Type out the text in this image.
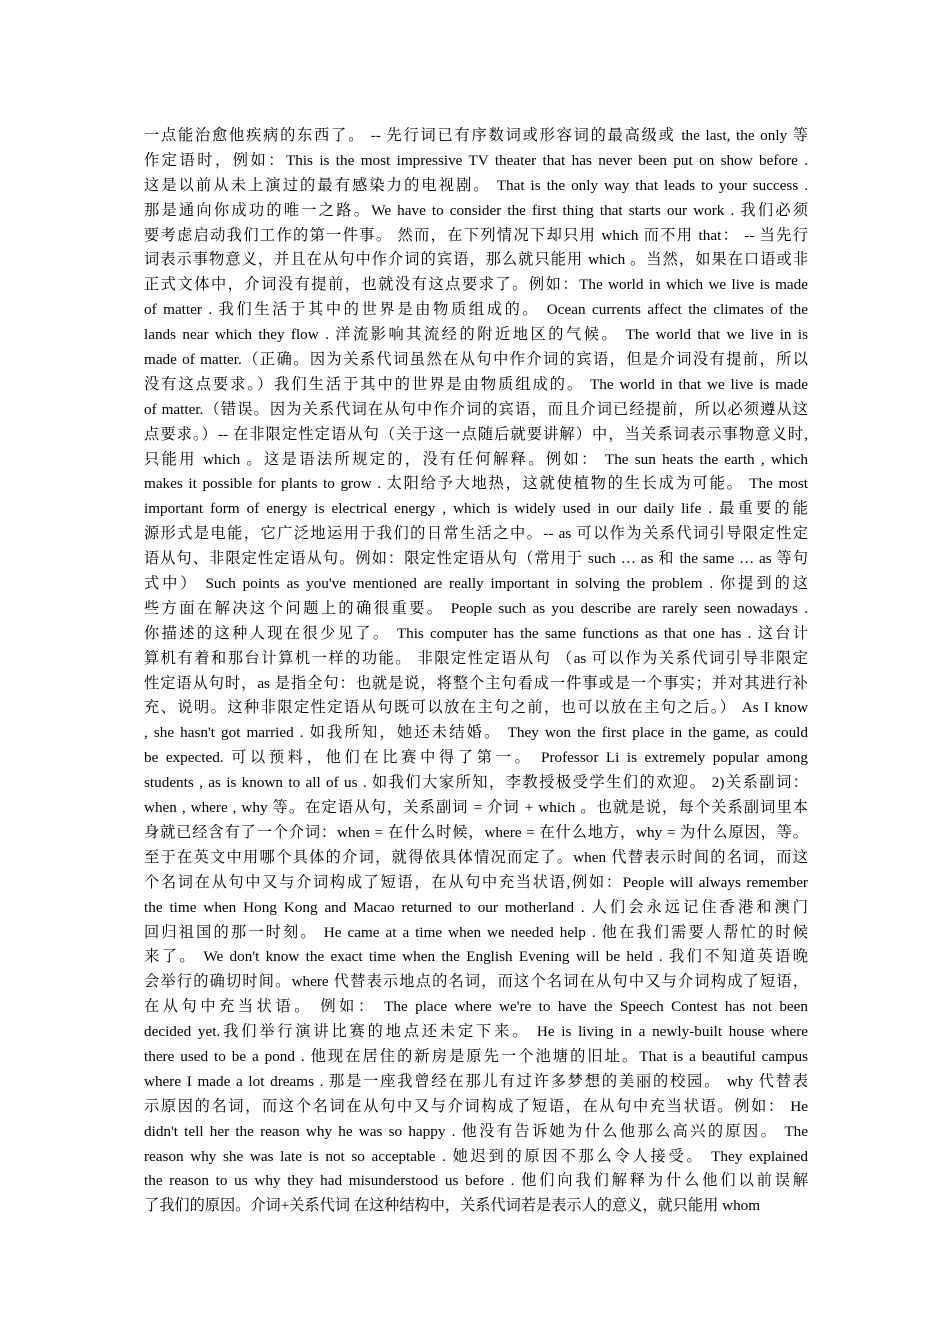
一点能治愈他疾病的东西了。 -- 先行词已有序数词或形容词的最高级或 the last, the only 等
作定语时，例如：This is the most impressive TV theater that has never been put on show before .
这是以前从未上演过的最有感染力的电视剧。 That is the only way that leads to your success .
那是通向你成功的唯一之路。We have to consider the first thing that starts our work . 我们必须
要考虑启动我们工作的第一件事。 然而，在下列情况下却只用 which 而不用 that： -- 当先行
词表示事物意义，并且在从句中作介词的宾语，那么就只能用 which 。当然，如果在口语或非
正式文体中，介词没有提前，也就没有这点要求了。例如：The world in which we live is made
of matter . 我们生活于其中的世界是由物质组成的。 Ocean currents affect the climates of the
lands near which they flow . 洋流影响其流经的附近地区的气候。 The world that we live in is
made of matter.（正确。因为关系代词虽然在从句中作介词的宾语，但是介词没有提前，所以
没有这点要求。）我们生活于其中的世界是由物质组成的。 The world in that we live is made
of matter.（错误。因为关系代词在从句中作介词的宾语，而且介词已经提前，所以必须遵从这
点要求。）-- 在非限定性定语从句（关于这一点随后就要讲解）中，当关系词表示事物意义时,
只能用 which 。这是语法所规定的，没有任何解释。例如： The sun heats the earth , which
makes it possible for plants to grow . 太阳给予大地热，这就使植物的生长成为可能。 The most
important form of energy is electrical energy , which is widely used in our daily life . 最重要的能
源形式是电能，它广泛地运用于我们的日常生活之中。-- as 可以作为关系代词引导限定性定
语从句、非限定性定语从句。例如：限定性定语从句（常用于 such … as 和 the same … as 等句
式中） Such points as you've mentioned are really important in solving the problem . 你提到的这
些方面在解决这个问题上的确很重要。 People such as you describe are rarely seen nowadays .
你描述的这种人现在很少见了。 This computer has the same functions as that one has . 这台计
算机有着和那台计算机一样的功能。 非限定性定语从句 （as 可以作为关系代词引导非限定
性定语从句时，as 是指全句：也就是说，将整个主句看成一件事或是一个事实；并对其进行补
充、说明。这种非限定性定语从句既可以放在主句之前，也可以放在主句之后。） As I know
, she hasn't got married . 如我所知，她还未结婚。 They won the first place in the game, as could
be expected. 可以预料，他们在比赛中得了第一。 Professor Li is extremely popular among
students , as is known to all of us . 如我们大家所知，李教授极受学生们的欢迎。 2)关系副词：
when , where , why 等。在定语从句，关系副词 = 介词 + which 。也就是说，每个关系副词里本
身就已经含有了一个介词：when = 在什么时候，where = 在什么地方，why = 为什么原因，等。
至于在英文中用哪个具体的介词，就得依具体情况而定了。when 代替表示时间的名词，而这
个名词在从句中又与介词构成了短语，在从句中充当状语,例如：People will always remember
the time when Hong Kong and Macao returned to our motherland . 人们会永远记住香港和澳门
回归祖国的那一时刻。 He came at a time when we needed help . 他在我们需要人帮忙的时候
来了。 We don't know the exact time when the English Evening will be held . 我们不知道英语晚
会举行的确切时间。where 代替表示地点的名词，而这个名词在从句中又与介词构成了短语，
在从句中充当状语。 例如： The place where we're to have the Speech Contest has not been
decided yet.我们举行演讲比赛的地点还未定下来。 He is living in a newly-built house where
there used to be a pond . 他现在居住的新房是原先一个池塘的旧址。That is a beautiful campus
where I made a lot dreams . 那是一座我曾经在那儿有过许多梦想的美丽的校园。 why 代替表
示原因的名词，而这个名词在从句中又与介词构成了短语，在从句中充当状语。例如： He
didn't tell her the reason why he was so happy . 他没有告诉她为什么他那么高兴的原因。 The
reason why she was late is not so acceptable . 她迟到的原因不那么令人接受。 They explained
the reason to us why they had misunderstood us before . 他们向我们解释为什么他们以前误解
了我们的原因。介词+关系代词 在这种结构中，关系代词若是表示人的意义，就只能用 whom
